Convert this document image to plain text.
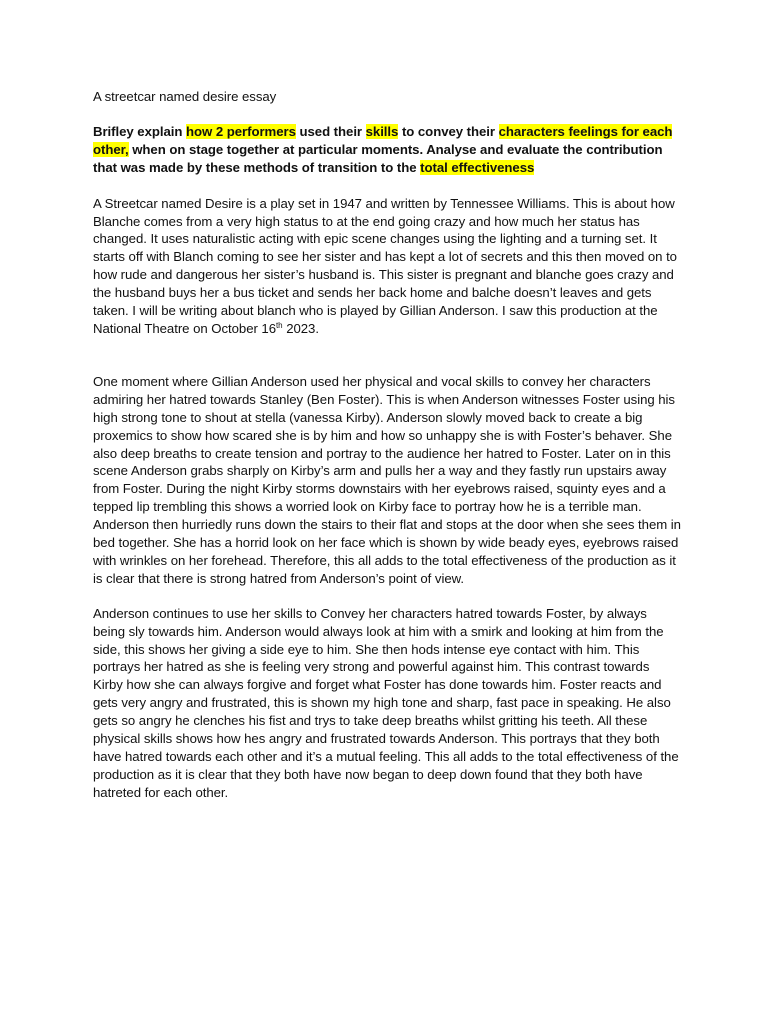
A streetcar named desire essay

Brifley explain how 2 performers used their skills to convey their characters feelings for each other, when on stage together at particular moments. Analyse and evaluate the contribution that was made by these methods of transition to the total effectiveness

A Streetcar named Desire is a play set in 1947 and written by Tennessee Williams. This is about how Blanche comes from a very high status to at the end going crazy and how much her status has changed. It uses naturalistic acting with epic scene changes using the lighting and a turning set. It starts off with Blanch coming to see her sister and has kept a lot of secrets and this then moved on to how rude and dangerous her sister’s husband is. This sister is pregnant and blanche goes crazy and the husband buys her a bus ticket and sends her back home and balche doesn’t leaves and gets taken. I will be writing about blanch who is played by Gillian Anderson. I saw this production at the National Theatre on October 16th 2023.

One moment where Gillian Anderson used her physical and vocal skills to convey her characters admiring her hatred towards Stanley (Ben Foster). This is when Anderson witnesses Foster using his high strong tone to shout at stella (vanessa Kirby). Anderson slowly moved back to create a big proxemics to show how scared she is by him and how so unhappy she is with Foster’s behaver. She also deep breaths to create tension and portray to the audience her hatred to Foster. Later on in this scene Anderson grabs sharply on Kirby’s arm and pulls her a way and they fastly run upstairs away from Foster. During the night Kirby storms downstairs with her eyebrows raised, squinty eyes and a tepped lip trembling this shows a worried look on Kirby face to portray how he is a terrible man. Anderson then hurriedly runs down the stairs to their flat and stops at the door when she sees them in bed together. She has a horrid look on her face which is shown by wide beady eyes, eyebrows raised with wrinkles on her forehead. Therefore, this all adds to the total effectiveness of the production as it is clear that there is strong hatred from Anderson’s point of view.

Anderson continues to use her skills to Convey her characters hatred towards Foster, by always being sly towards him. Anderson would always look at him with a smirk and looking at him from the side, this shows her giving a side eye to him. She then hods intense eye contact with him. This portrays her hatred as she is feeling very strong and powerful against him. This contrast towards Kirby how she can always forgive and forget what Foster has done towards him. Foster reacts and gets very angry and frustrated, this is shown my high tone and sharp, fast pace in speaking. He also gets so angry he clenches his fist and trys to take deep breaths whilst gritting his teeth. All these physical skills shows how hes angry and frustrated towards Anderson. This portrays that they both have hatred towards each other and it’s a mutual feeling. This all adds to the total effectiveness of the production as it is clear that they both have now began to deep down found that they both have hatreted for each other.
